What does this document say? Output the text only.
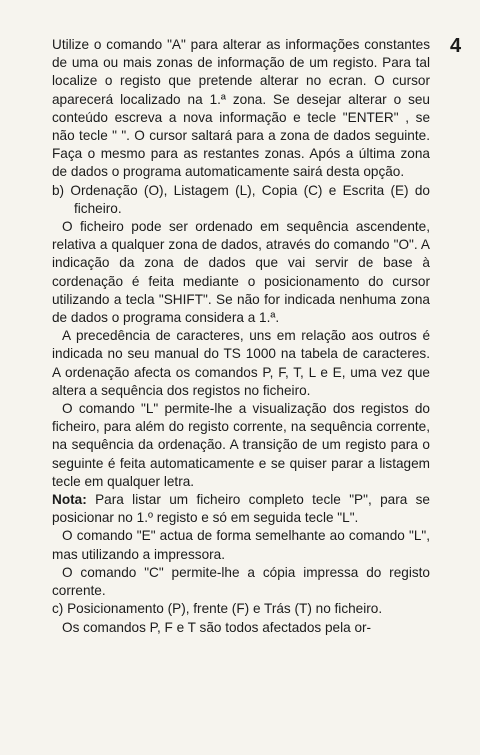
4

Utilize o comando "A" para alterar as informações constantes de uma ou mais zonas de informação de um registo. Para tal localize o registo que pretende alterar no ecran. O cursor aparecerá localizado na 1.ª zona. Se desejar alterar o seu conteúdo escreva a nova informação e tecle "ENTER" , se não tecle " ". O cursor saltará para a zona de dados seguinte. Faça o mesmo para as restantes zonas. Após a última zona de dados o programa automaticamente sairá desta opção.

b) Ordenação (O), Listagem (L), Copia (C) e Escrita (E) do ficheiro.

O ficheiro pode ser ordenado em sequência ascendente, relativa a qualquer zona de dados, através do comando "O". A indicação da zona de dados que vai servir de base à cordenação é feita mediante o posicionamento do cursor utilizando a tecla "SHIFT". Se não for indicada nenhuma zona de dados o programa considera a 1.ª.

A precedência de caracteres, uns em relação aos outros é indicada no seu manual do TS 1000 na tabela de caracteres. A ordenação afecta os comandos P, F, T, L e E, uma vez que altera a sequência dos registos no ficheiro.

O comando "L" permite-lhe a visualização dos registos do ficheiro, para além do registo corrente, na sequência corrente, na sequência da ordenação. A transição de um registo para o seguinte é feita automaticamente e se quiser parar a listagem tecle em qualquer letra.

Nota: Para listar um ficheiro completo tecle "P", para se posicionar no 1.º registo e só em seguida tecle "L".

O comando "E" actua de forma semelhante ao comando "L", mas utilizando a impressora.

O comando "C" permite-lhe a cópia impressa do registo corrente.

c) Posicionamento (P), frente (F) e Trás (T) no ficheiro.

Os comandos P, F e T são todos afectados pela or-
